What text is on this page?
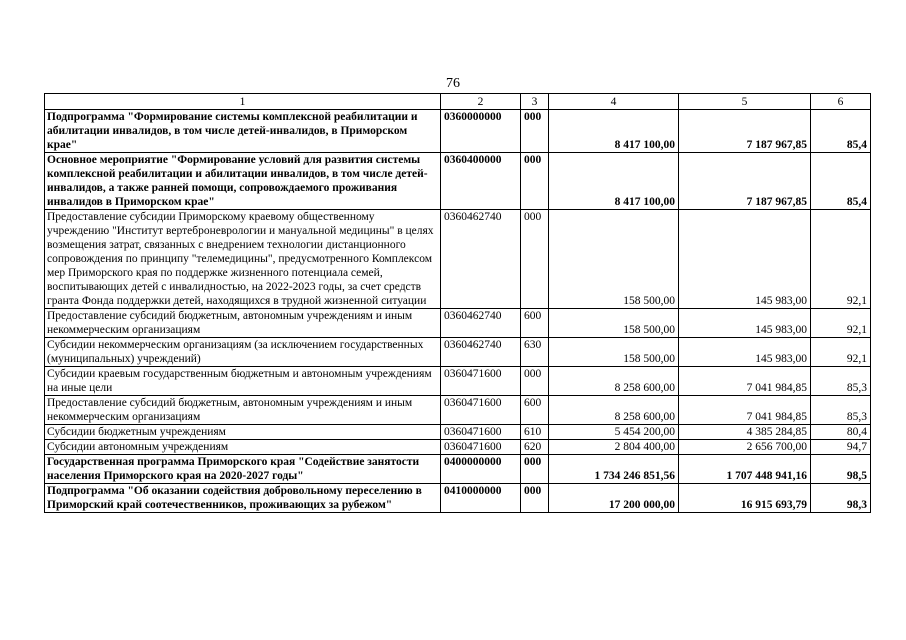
76
1	2	3	4	5	6
Подпрограмма "Формирование системы комплексной реабилитации и абилитации инвалидов, в том числе детей-инвалидов, в Приморском крае"	0360000000	000	8 417 100,00	7 187 967,85	85,4
Основное мероприятие "Формирование условий для развития системы комплексной реабилитации и абилитации инвалидов, в том числе детей-инвалидов, а также ранней помощи, сопровождаемого проживания инвалидов в Приморском крае"	0360400000	000	8 417 100,00	7 187 967,85	85,4
Предоставление субсидии Приморскому краевому общественному учреждению "Институт вертеброневрологии и мануальной медицины" в целях возмещения затрат, связанных с внедрением технологии дистанционного сопровождения по принципу "телемедицины", предусмотренного Комплексом мер Приморского края по поддержке жизненного потенциала семей, воспитывающих детей с инвалидностью, на 2022-2023 годы, за счет средств гранта Фонда поддержки детей, находящихся в трудной жизненной ситуации	0360462740	000	158 500,00	145 983,00	92,1
Предоставление субсидий бюджетным, автономным учреждениям и иным некоммерческим организациям	0360462740	600	158 500,00	145 983,00	92,1
Субсидии некоммерческим организациям (за исключением государственных (муниципальных) учреждений)	0360462740	630	158 500,00	145 983,00	92,1
Субсидии краевым государственным бюджетным и автономным учреждениям на иные цели	0360471600	000	8 258 600,00	7 041 984,85	85,3
Предоставление субсидий бюджетным, автономным учреждениям и иным некоммерческим организациям	0360471600	600	8 258 600,00	7 041 984,85	85,3
Субсидии бюджетным учреждениям	0360471600	610	5 454 200,00	4 385 284,85	80,4
Субсидии автономным учреждениям	0360471600	620	2 804 400,00	2 656 700,00	94,7
Государственная программа Приморского края "Содействие занятости населения Приморского края на 2020-2027 годы"	0400000000	000	1 734 246 851,56	1 707 448 941,16	98,5
Подпрограмма "Об оказании содействия добровольному переселению в Приморский край соотечественников, проживающих за рубежом"	0410000000	000	17 200 000,00	16 915 693,79	98,3
